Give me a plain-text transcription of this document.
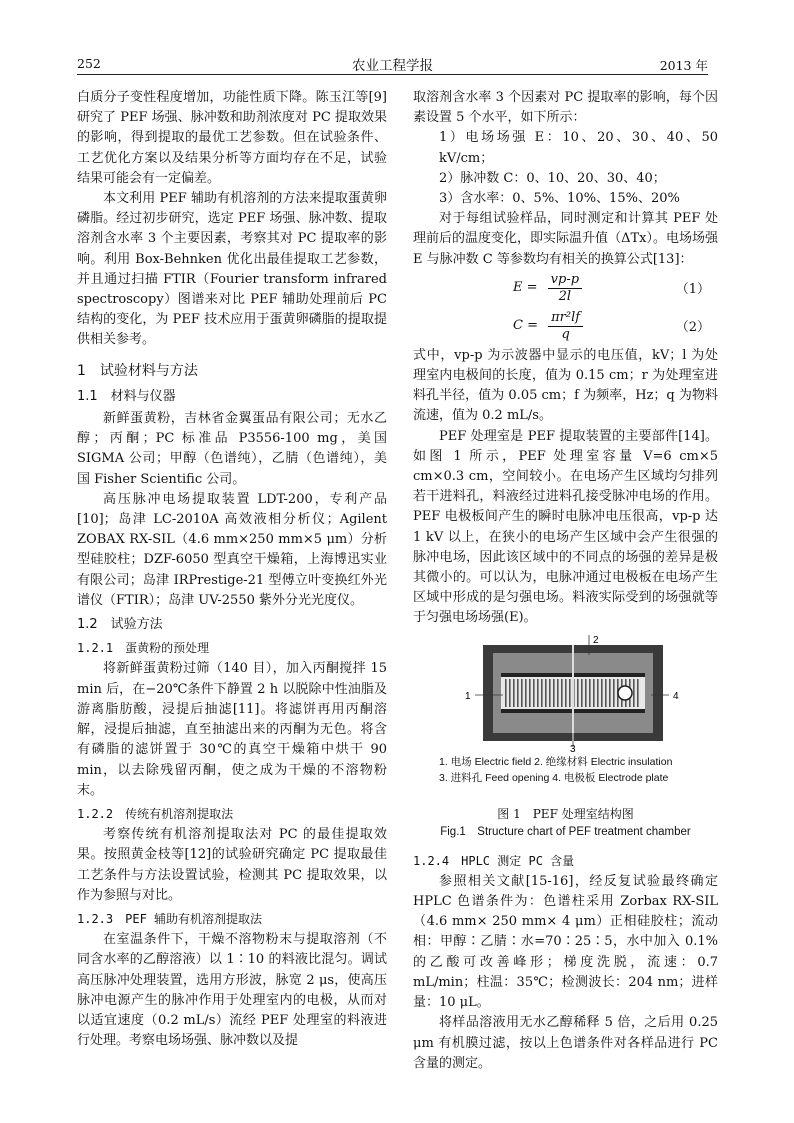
252	农业工程学报	2013 年

白质分子变性程度增加，功能性质下降。陈玉江等[9]研究了 PEF 场强、脉冲数和助剂浓度对 PC 提取效果的影响，得到提取的最优工艺参数。但在试验条件、工艺优化方案以及结果分析等方面均存在不足，试验结果可能会有一定偏差。

本文利用 PEF 辅助有机溶剂的方法来提取蛋黄卵磷脂。经过初步研究，选定 PEF 场强、脉冲数、提取溶剂含水率 3 个主要因素，考察其对 PC 提取率的影响。利用 Box-Behnken 优化出最佳提取工艺参数，并且通过扫描 FTIR（Fourier transform infrared spectroscopy）图谱来对比 PEF 辅助处理前后 PC 结构的变化，为 PEF 技术应用于蛋黄卵磷脂的提取提供相关参考。

1　试验材料与方法
1.1　材料与仪器

新鲜蛋黄粉，吉林省金翼蛋品有限公司；无水乙醇；丙酮；PC 标准品 P3556-100 mg，美国 SIGMA 公司；甲醇（色谱纯），乙腈（色谱纯），美国 Fisher Scientific 公司。

高压脉冲电场提取装置 LDT-200，专利产品[10]；岛津 LC-2010A 高效液相分析仪；Agilent ZOBAX RX-SIL（4.6 mm×250 mm×5 μm）分析型硅胶柱；DZF-6050 型真空干燥箱，上海博迅实业有限公司；岛津 IRPrestige-21 型傅立叶变换红外光谱仪（FTIR）；岛津 UV-2550 紫外分光光度仪。

1.2　试验方法
1.2.1　蛋黄粉的预处理

将新鲜蛋黄粉过筛（140 目），加入丙酮搅拌 15 min 后，在−20℃条件下静置 2 h 以脱除中性油脂及游离脂肪酸，浸提后抽滤[11]。将滤饼再用丙酮溶解，浸提后抽滤，直至抽滤出来的丙酮为无色。将含有磷脂的滤饼置于 30℃的真空干燥箱中烘干 90 min，以去除残留丙酮，使之成为干燥的不溶物粉末。

1.2.2　传统有机溶剂提取法

考察传统有机溶剂提取法对 PC 的最佳提取效果。按照黄金枝等[12]的试验研究确定 PC 提取最佳工艺条件与方法设置试验，检测其 PC 提取效果，以作为参照与对比。

1.2.3　PEF 辅助有机溶剂提取法

在室温条件下，干燥不溶物粉末与提取溶剂（不同含水率的乙醇溶液）以 1∶10 的料液比混匀。调试高压脉冲处理装置，选用方形波，脉宽 2 μs，使高压脉冲电源产生的脉冲作用于处理室内的电极，从而对以适宜速度（0.2 mL/s）流经 PEF 处理室的料液进行处理。考察电场场强、脉冲数以及提

取溶剂含水率 3 个因素对 PC 提取率的影响，每个因素设置 5 个水平，如下所示：

1）电场场强 E：10、20、30、40、50 kV/cm；

2）脉冲数 C：0、10、20、30、40；

3）含水率：0、5%、10%、15%、20%

对于每组试验样品，同时测定和计算其 PEF 处理前后的温度变化，即实际温升值（ΔTx）。电场场强 E 与脉冲数 C 等参数均有相关的换算公式[13]：

$E = \frac{vp-p}{2l}$	（1）
$C = \frac{\text{πr²lf}}{q}$	（2）

式中，vp-p 为示波器中显示的电压值，kV；l 为处理室内电极间的长度，值为 0.15 cm；r 为处理室进料孔半径，值为 0.05 cm；f 为频率，Hz；q 为物料流速，值为 0.2 mL/s。

PEF 处理室是 PEF 提取装置的主要部件[14]。如图 1 所示，PEF 处理室容量 V=6 cm×5 cm×0.3 cm，空间较小。在电场产生区域均匀排列若干进料孔，料液经过进料孔接受脉冲电场的作用。PEF 电极板间产生的瞬时电脉冲电压很高，vp-p 达 1 kV 以上，在狭小的电场产生区域中会产生很强的脉冲电场，因此该区域中的不同点的场强的差异是极其微小的。可以认为，电脉冲通过电极板在电场产生区域中形成的是匀强电场。料液实际受到的场强就等于匀强电场场强(E)。

1
2
3
4
1. 电场 Electric field 2. 绝缘材料 Electric insulation
3. 进料孔 Feed opening 4. 电极板 Electrode plate
图 1　PEF 处理室结构图
Fig.1　Structure chart of PEF treatment chamber
1.2.4　HPLC 测定 PC 含量

参照相关文献[15-16]，经反复试验最终确定 HPLC 色谱条件为：色谱柱采用 Zorbax RX-SIL（4.6 mm× 250 mm× 4 μm）正相硅胶柱；流动相：甲醇∶乙腈∶水=70∶25∶5，水中加入 0.1%的乙酸可改善峰形；梯度洗脱，流速：0.7 mL/min；柱温：35℃；检测波长：204 nm；进样量：10 μL。

将样品溶液用无水乙醇稀释 5 倍，之后用 0.25 μm 有机膜过滤，按以上色谱条件对各样品进行 PC 含量的测定。
